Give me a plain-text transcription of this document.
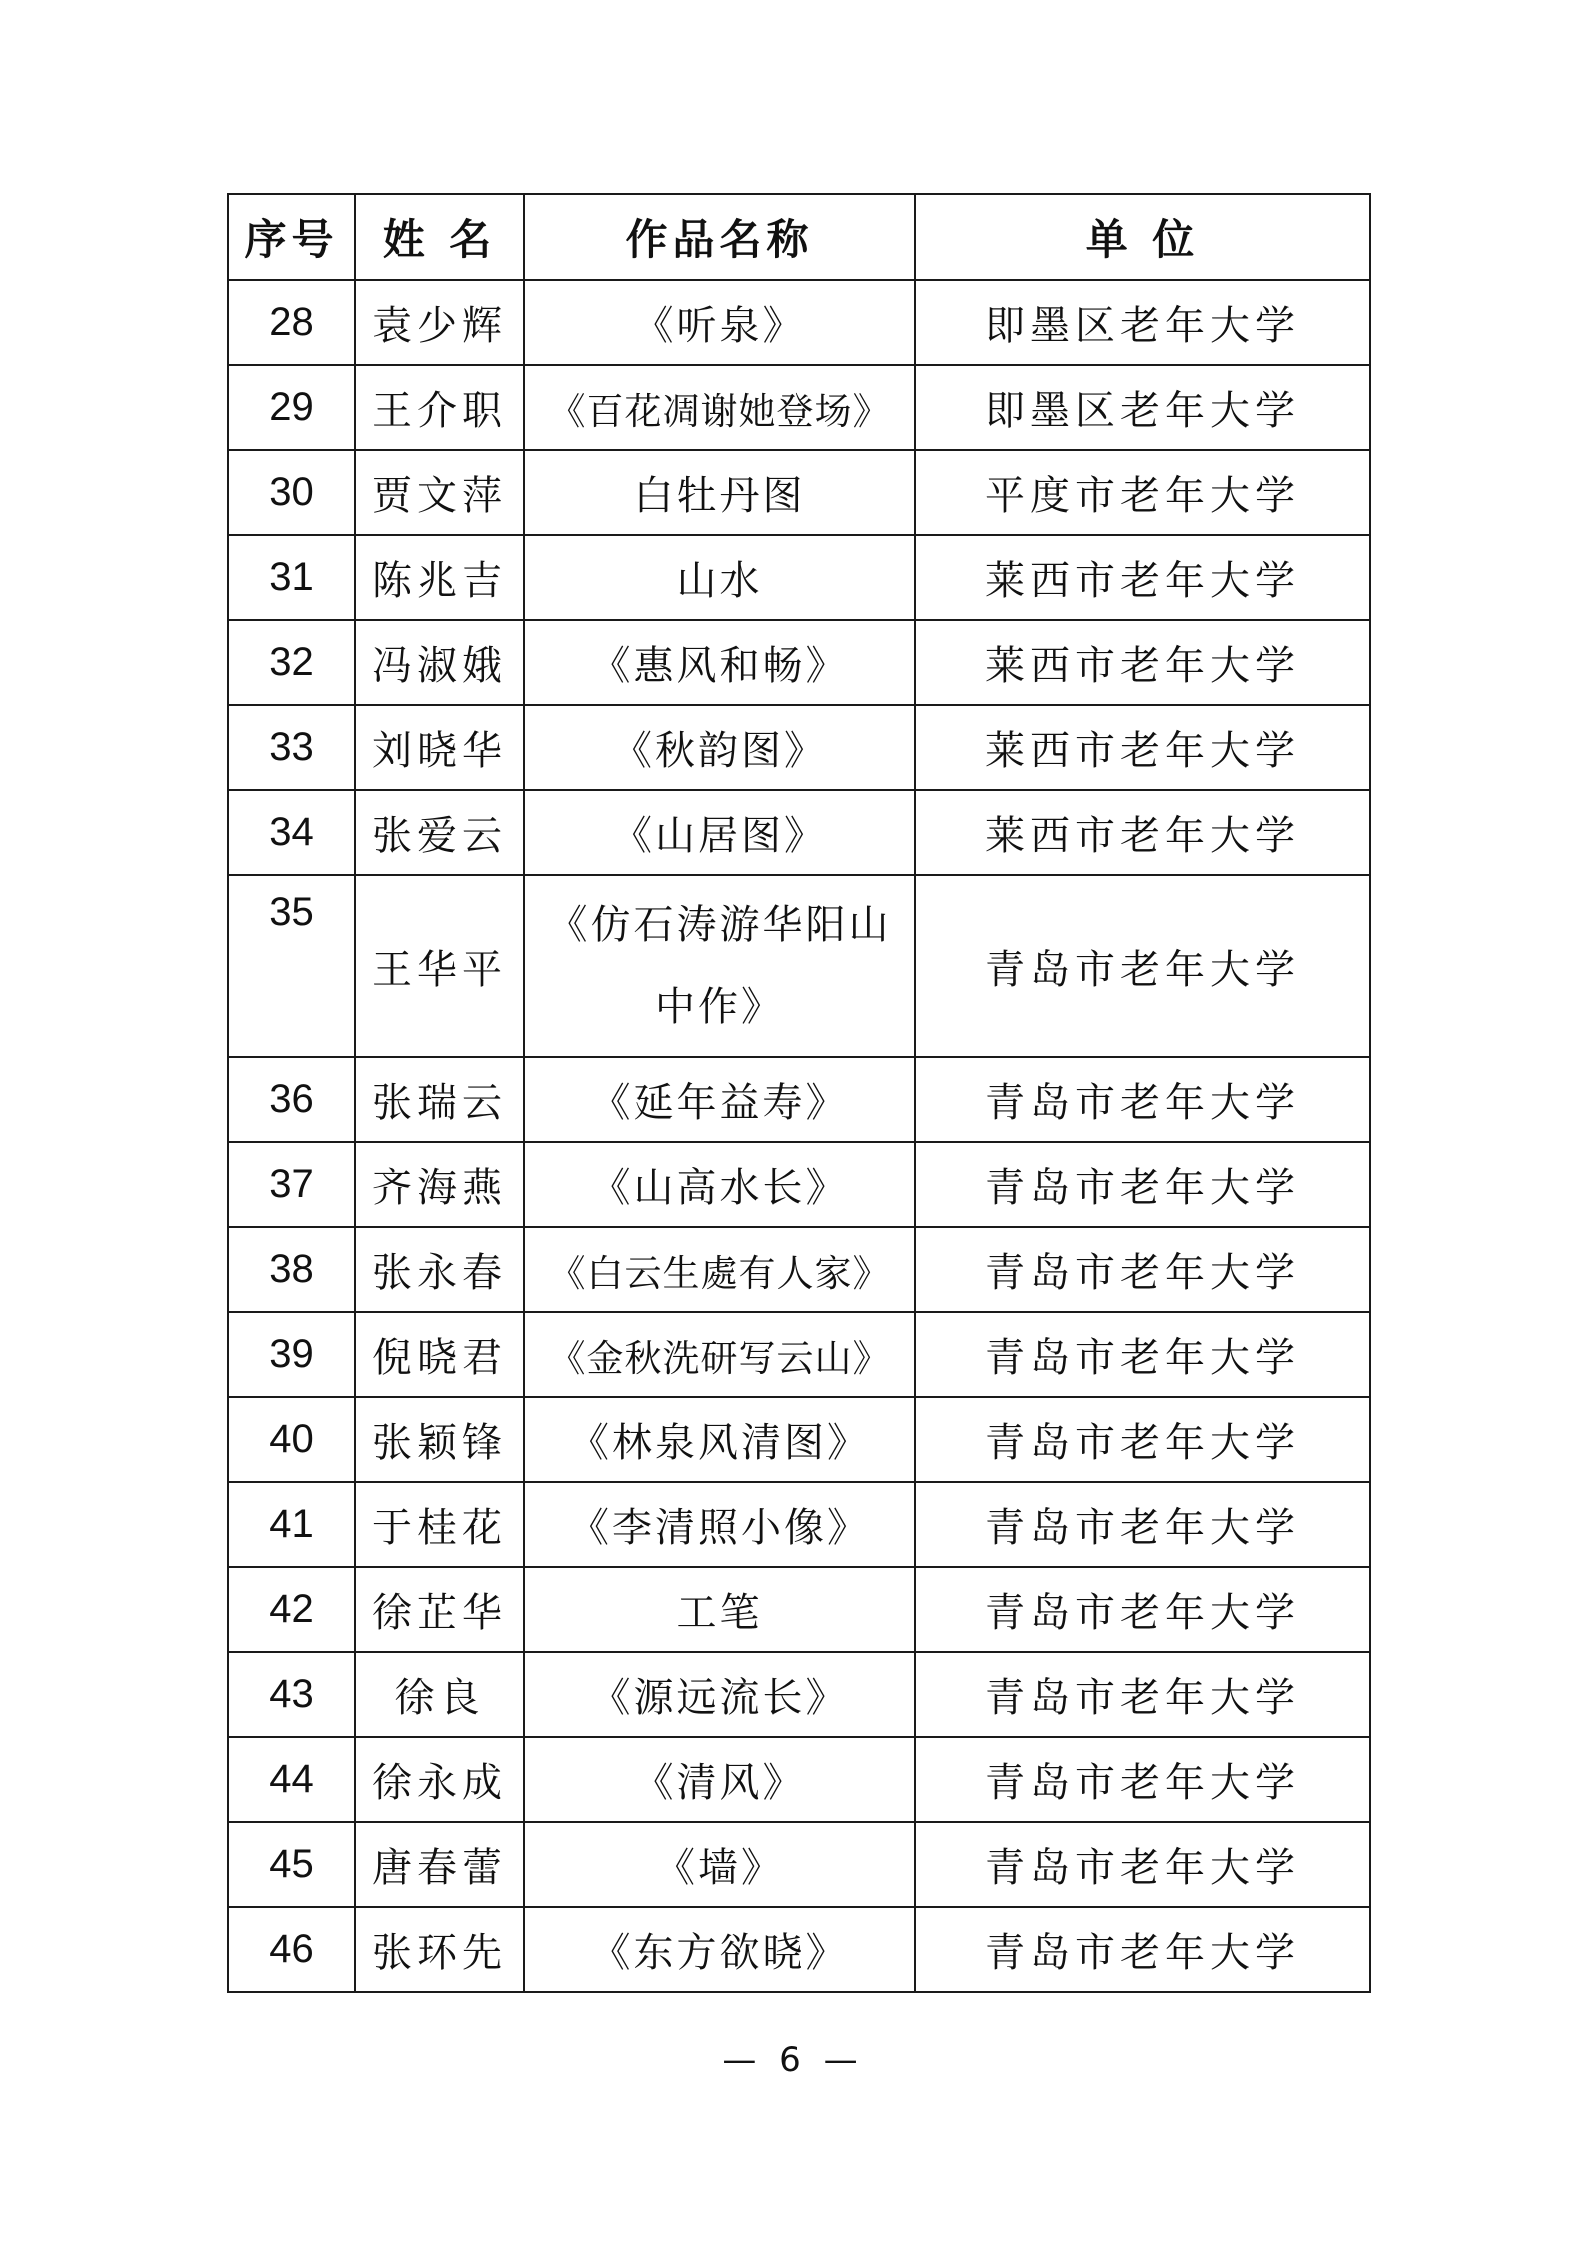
序号	姓 名	作品名称	单 位
28	袁少辉	《听泉》	即墨区老年大学
29	王介职	《百花凋谢她登场》	即墨区老年大学
30	贾文萍	白牡丹图	平度市老年大学
31	陈兆吉	山水	莱西市老年大学
32	冯淑娥	《惠风和畅》	莱西市老年大学
33	刘晓华	《秋韵图》	莱西市老年大学
34	张爱云	《山居图》	莱西市老年大学
35	王华平	《仿石涛游华阳山中作》	青岛市老年大学
36	张瑞云	《延年益寿》	青岛市老年大学
37	齐海燕	《山高水长》	青岛市老年大学
38	张永春	《白云生處有人家》	青岛市老年大学
39	倪晓君	《金秋洗研写云山》	青岛市老年大学
40	张颖锋	《林泉风清图》	青岛市老年大学
41	于桂花	《李清照小像》	青岛市老年大学
42	徐芷华	工笔	青岛市老年大学
43	徐良	《源远流长》	青岛市老年大学
44	徐永成	《清风》	青岛市老年大学
45	唐春蕾	《墙》	青岛市老年大学
46	张环先	《东方欲晓》	青岛市老年大学
— 6 —
